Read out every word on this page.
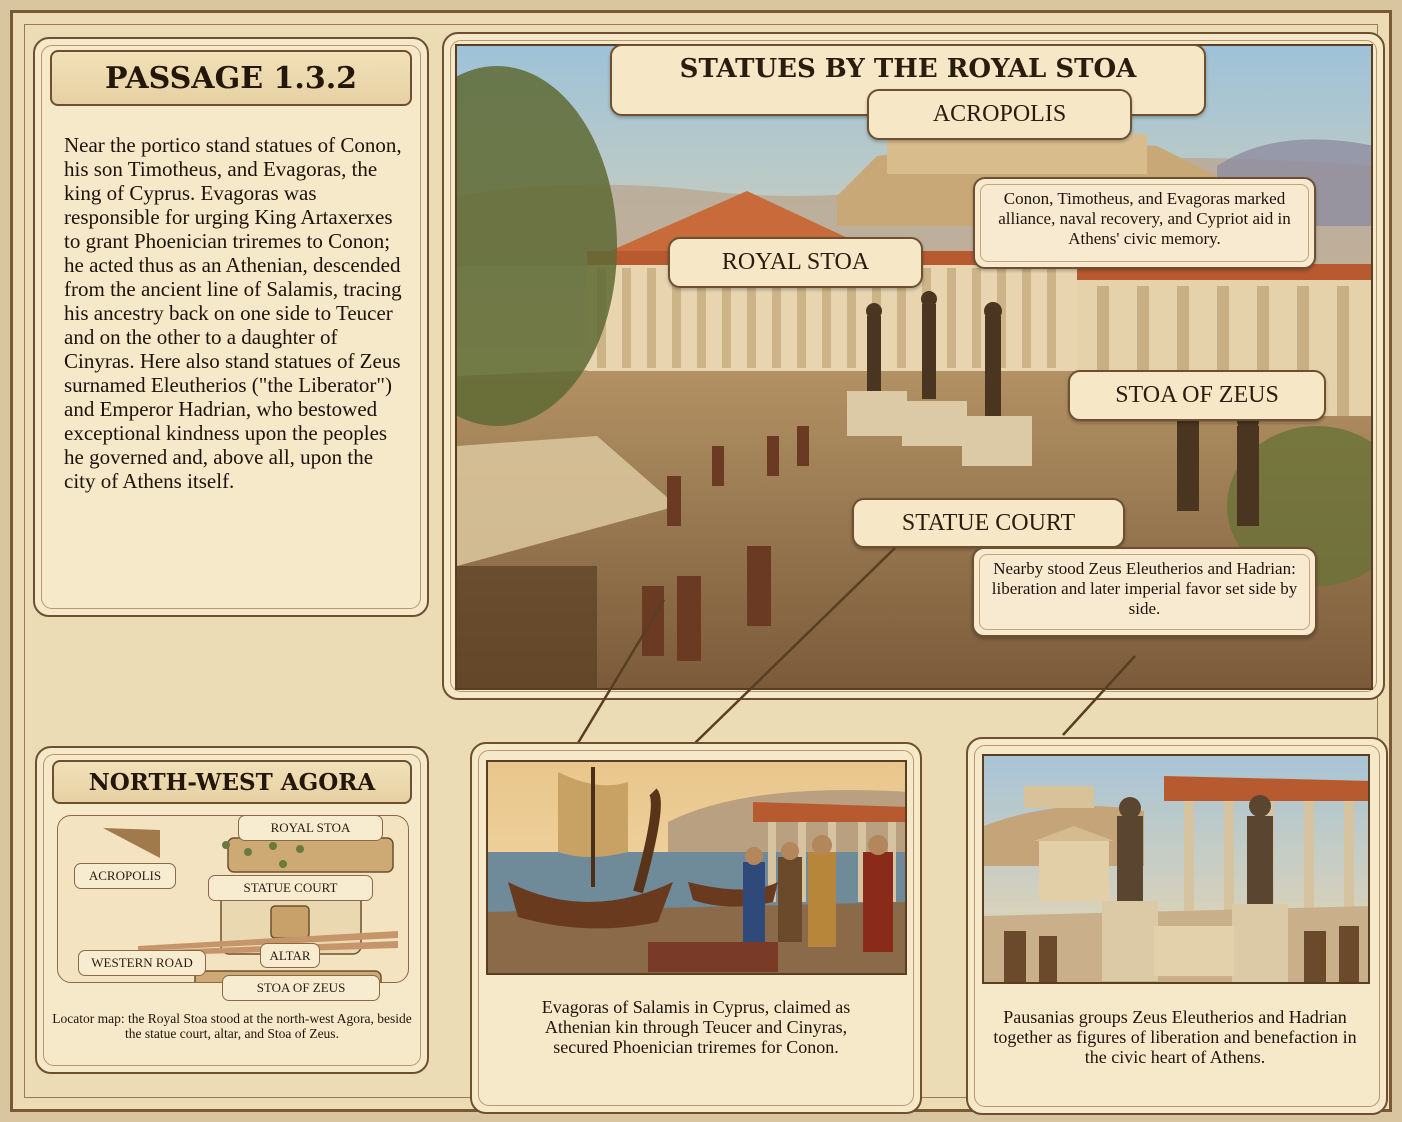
PASSAGE 1.3.2
Near the portico stand statues of Conon, his son Timotheus, and Evagoras, the king of Cyprus. Evagoras was responsible for urging King Artaxerxes to grant Phoenician triremes to Conon; he acted thus as an Athenian, descended from the ancient line of Salamis, tracing his ancestry back on one side to Teucer and on the other to a daughter of Cinyras. Here also stand statues of Zeus surnamed Eleutherios ("the Liberator") and Emperor Hadrian, who bestowed exceptional kindness upon the peoples he governed and, above all, upon the city of Athens itself.
STATUES BY THE ROYAL STOA
ACROPOLIS
ROYAL STOA
STOA OF ZEUS
STATUE COURT
Conon, Timotheus, and Evagoras marked alliance, naval recovery, and Cypriot aid in Athens' civic memory.
Nearby stood Zeus Eleutherios and Hadrian: liberation and later imperial favor set side by side.
NORTH-WEST AGORA
ROYAL STOA
ACROPOLIS
STATUE COURT
ALTAR
WESTERN ROAD
STOA OF ZEUS
Locator map: the Royal Stoa stood at the north-west Agora, beside the statue court, altar, and Stoa of Zeus.
Evagoras of Salamis in Cyprus, claimed as Athenian kin through Teucer and Cinyras, secured Phoenician triremes for Conon.
Pausanias groups Zeus Eleutherios and Hadrian together as figures of liberation and benefaction in the civic heart of Athens.
